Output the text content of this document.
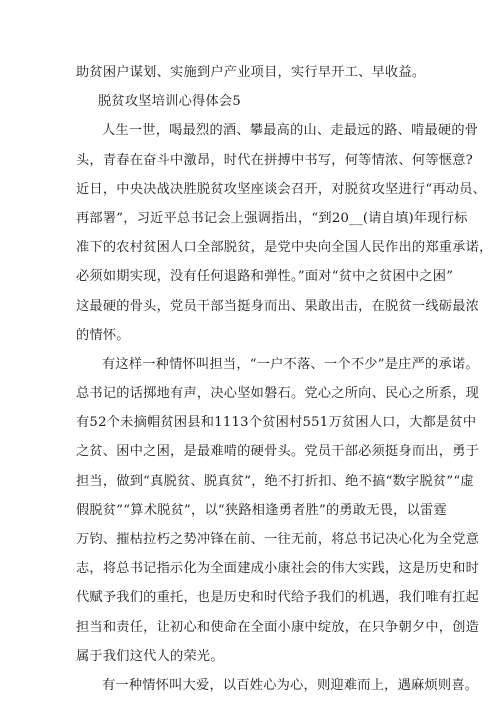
助贫困户谋划、实施到户产业项目，实行早开工、早收益。
脱贫攻坚培训心得体会5
人生一世，喝最烈的酒、攀最高的山、走最远的路、啃最硬的骨
头，青春在奋斗中激昂，时代在拼搏中书写，何等情浓、何等惬意?
近日，中央决战决胜脱贫攻坚座谈会召开，对脱贫攻坚进行“再动员、
再部署”，习近平总书记会上强调指出，“到20__(请自填)年现行标
准下的农村贫困人口全部脱贫，是党中央向全国人民作出的郑重承诺，
必须如期实现，没有任何退路和弹性。”面对“贫中之贫困中之困”
这最硬的骨头，党员干部当挺身而出、果敢出击，在脱贫一线砺最浓
的情怀。
有这样一种情怀叫担当，“一户不落、一个不少”是庄严的承诺。
总书记的话掷地有声，决心坚如磐石。党心之所向、民心之所系，现
有52个未摘帽贫困县和1113个贫困村551万贫困人口，大都是贫中
之贫、困中之困，是最难啃的硬骨头。党员干部必须挺身而出，勇于
担当，做到“真脱贫、脱真贫”，绝不打折扣、绝不搞“数字脱贫”“虚
假脱贫”“算术脱贫”，以“狭路相逢勇者胜”的勇敢无畏，以雷霆
万钧、摧枯拉朽之势冲锋在前、一往无前，将总书记决心化为全党意
志，将总书记指示化为全面建成小康社会的伟大实践，这是历史和时
代赋予我们的重托，也是历史和时代给予我们的机遇，我们唯有扛起
担当和责任，让初心和使命在全面小康中绽放，在只争朝夕中，创造
属于我们这代人的荣光。
有一种情怀叫大爱，以百姓心为心，则迎难而上，遇麻烦则喜。
